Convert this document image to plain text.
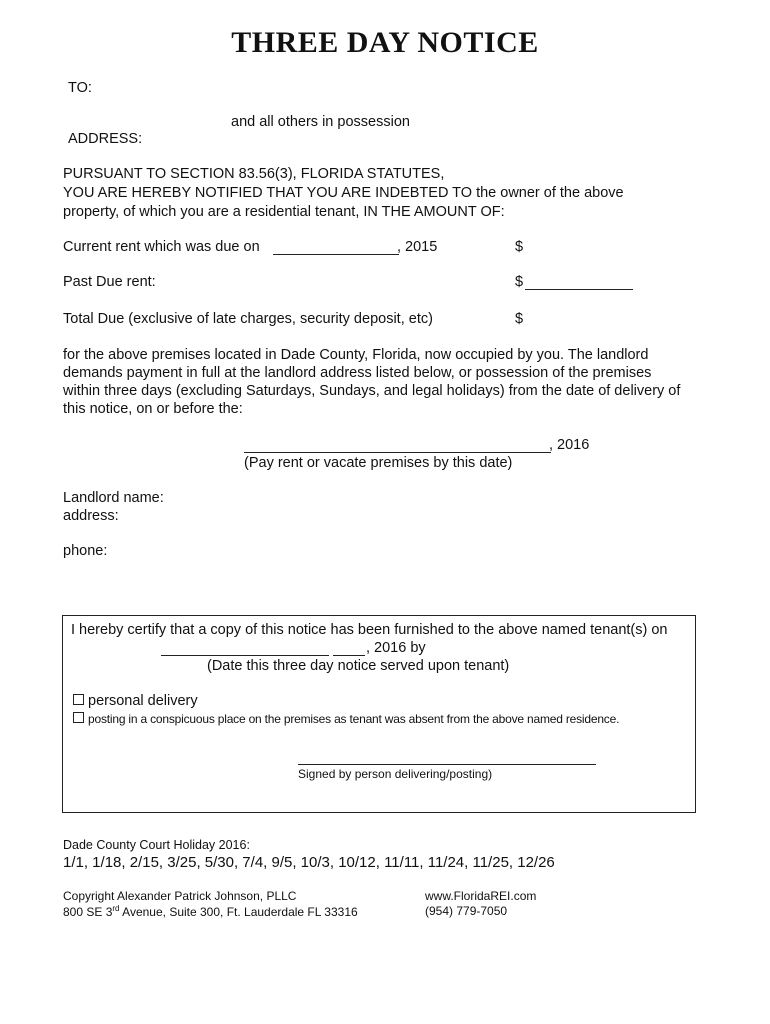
THREE DAY NOTICE
TO:
and all others in possession
ADDRESS:
PURSUANT TO SECTION 83.56(3), FLORIDA STATUTES,
YOU ARE HEREBY NOTIFIED THAT YOU ARE INDEBTED TO the owner of the above
property, of which you are a residential tenant, IN THE AMOUNT OF:
Current rent which was due on	, 2015	$
Past Due rent:	$
Total Due (exclusive of late charges, security deposit, etc)	$
for the above premises located in Dade County, Florida, now occupied by you. The landlord
demands payment in full at the landlord address listed below, or possession of the premises
within three days (excluding Saturdays, Sundays, and legal holidays) from the date of delivery of
this notice, on or before the:
, 2016
(Pay rent or vacate premises by this date)
Landlord name:
address:
phone:
I hereby certify that a copy of this notice has been furnished to the above named tenant(s) on
, 2016 by
(Date this three day notice served upon tenant)
personal delivery
posting in a conspicuous place on the premises as tenant was absent from the above named residence.
Signed by person delivering/posting)
Dade County Court Holiday 2016:
1/1, 1/18, 2/15, 3/25, 5/30, 7/4, 9/5, 10/3, 10/12, 11/11, 11/24, 11/25, 12/26
Copyright Alexander Patrick Johnson, PLLC
800 SE 3rd Avenue, Suite 300, Ft. Lauderdale FL 33316
www.FloridaREI.com
(954) 779-7050
